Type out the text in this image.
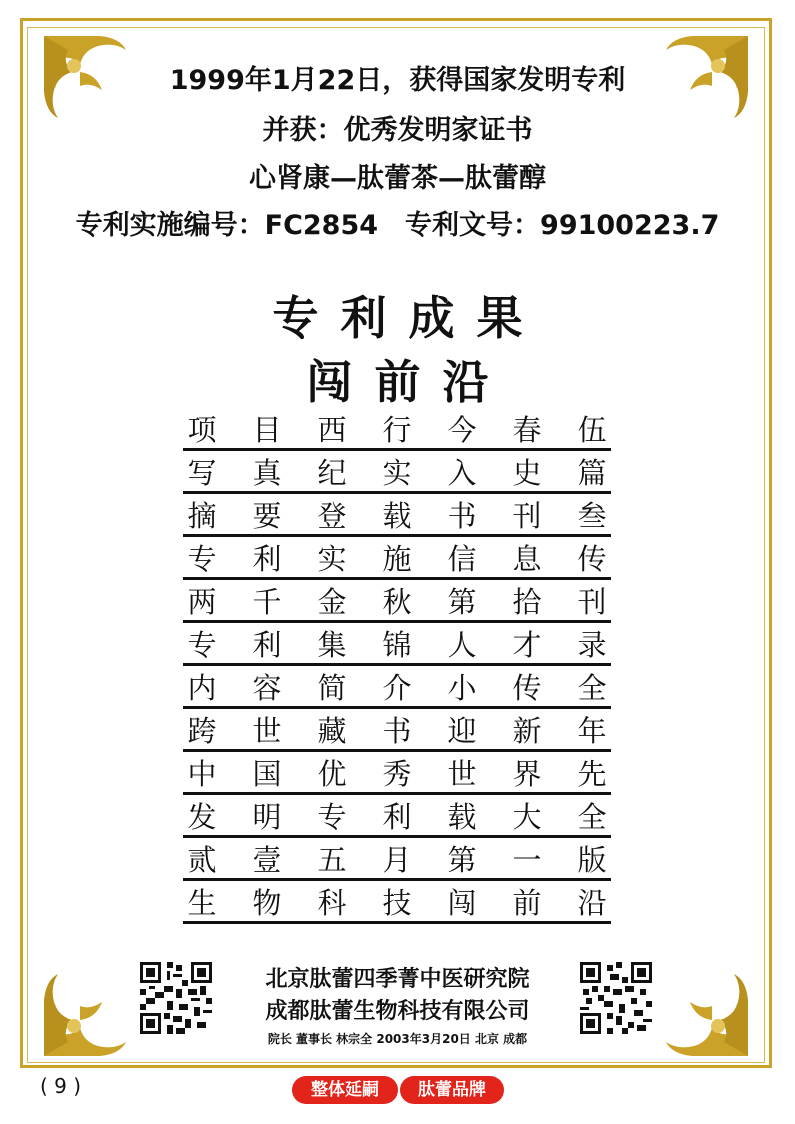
1999年1月22日，获得国家发明专利
并获：优秀发明家证书
心肾康—肽蕾茶—肽蕾醇
专利实施编号：FC2854　专利文号：99100223.7
专利成果
闯前沿
项 目 西 行 今 春 伍
写 真 纪 实 入 史 篇
摘 要 登 载 书 刊 叁
专 利 实 施 信 息 传
两 千 金 秋 第 拾 刊
专 利 集 锦 人 才 录
内 容 简 介 小 传 全
跨 世 藏 书 迎 新 年
中 国 优 秀 世 界 先
发 明 专 利 载 大 全
贰 壹 五 月 第 一 版
生 物 科 技 闯 前 沿
北京肽蕾四季菁中医研究院
成都肽蕾生物科技有限公司
院长 董事长 林宗全 2003年3月20日 北京 成都
( 9 )	整体延嗣	肽蕾品牌
